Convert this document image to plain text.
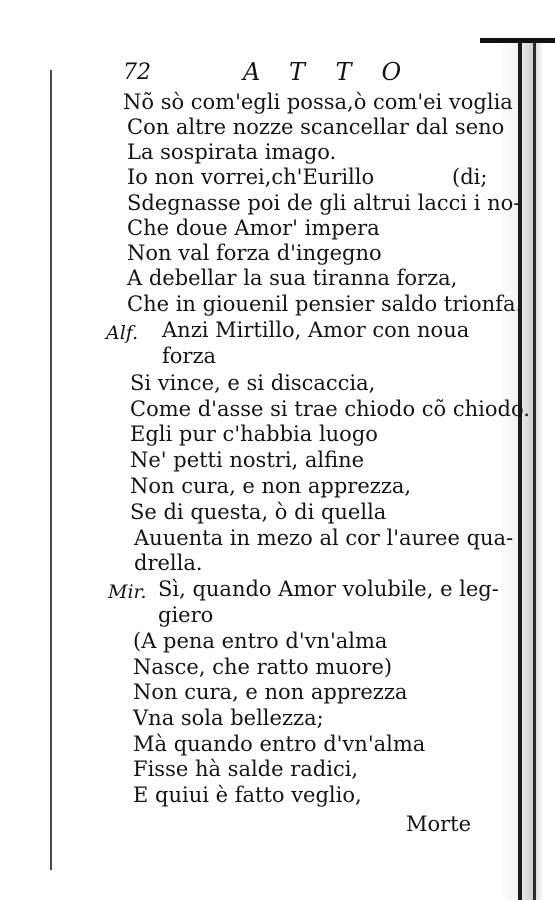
72	ATTO
Nõ sò com'egli possa,ò com'ei voglia
Con altre nozze scancellar dal seno
La sospirata imago.
Io non vorrei,ch'Eurillo	(di;
Sdegnasse poi de gli altrui lacci i no-
Che doue Amor' impera
Non val forza d'ingegno
A debellar la sua tiranna forza,
Che in giouenil pensier saldo trionfa.
Alf. Anzi Mirtillo, Amor con noua
forza
Si vince, e si discaccia,
Come d'asse si trae chiodo cõ chiodo.
Egli pur c'habbia luogo
Ne' petti nostri, alfine
Non cura, e non apprezza,
Se di questa, ò di quella
Auuenta in mezo al cor l'auree qua-
drella.
Mir. Sì, quando Amor volubile, e leg-
giero
(A pena entro d'vn'alma
Nasce, che ratto muore)
Non cura, e non apprezza
Vna sola bellezza;
Mà quando entro d'vn'alma
Fisse hà salde radici,
E quiui è fatto veglio,
Morte
